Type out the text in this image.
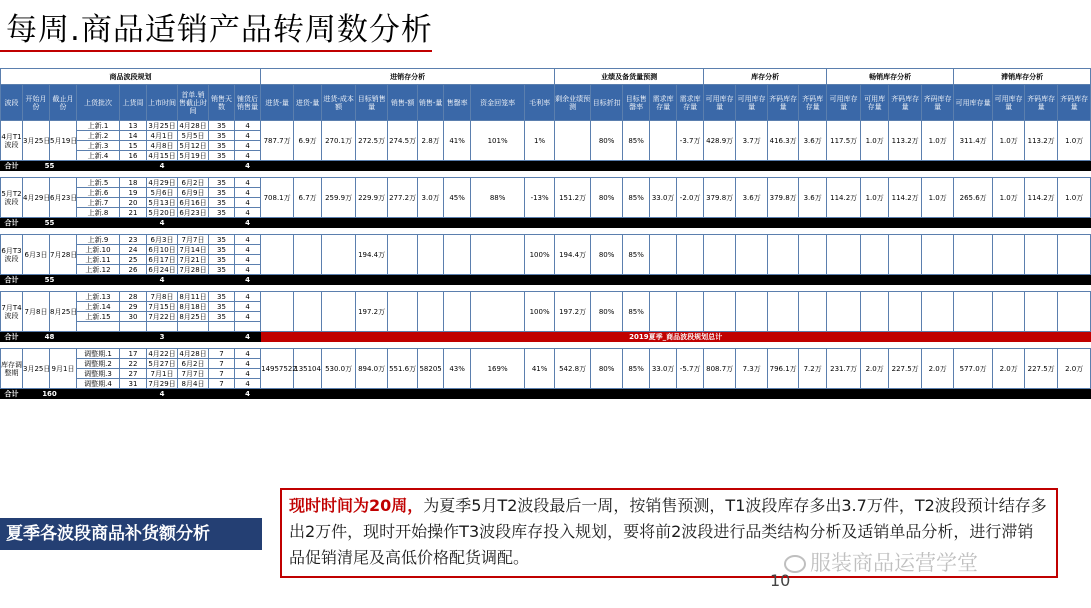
每周.商品适销产品转周数分析
商品波段规划									进销存分析									业绩及备货量预测					库存分析				畅销库存分析				滞销库存分析			
波段	开始月份	截止月份	上货批次	上货周	上市时间	首单.销售截止时间	销售天数	铺货后销售量	进货-量	进货-量	进货-成本额	目标销售量	销售-额	销售-量	售罄率	资金回笼率	毛利率	剩余业绩预测	目标折扣	目标售罄率	需求库存量	需求库存量	可用库存量	可用库存量	齐码库存量	齐码库存量	可用库存量	可用库存量	齐码库存量	齐码库存量	可用库存量	可用库存量	齐码库存量	齐码库存量
4月T1波段	3月25日	5月19日	上新.1	13	3月25日	4月28日	35	4	787.7万	6.9万	270.1万	272.5万	274.5万	2.8万	41%	101%	1%		80%	85%		-3.7万	428.9万	3.7万	416.3万	3.6万	117.5万	1.0万	113.2万	1.0万	311.4万	1.0万	113.2万	1.0万
			上新.2	14	4月1日	5月5日	35	4																										
			上新.3	15	4月8日	5月12日	35	4																										
			上新.4	16	4月15日	5月19日	35	4																										
合计	55				4			4																										

5月T2波段	4月29日	6月23日	上新.5	18	4月29日	6月2日	35	4	708.1万	6.7万	259.9万	229.9万	277.2万	3.0万	45%	88%	-13%	151.2万	80%	85%	33.0万	-2.0万	379.8万	3.6万	379.8万	3.6万	114.2万	1.0万	114.2万	1.0万	265.6万	1.0万	114.2万	1.0万
			上新.6	19	5月6日	6月9日	35	4																										
			上新.7	20	5月13日	6月16日	35	4																										
			上新.8	21	5月20日	6月23日	35	4																										
合计	55				4			4																										

6月T3波段	6月3日	7月28日	上新.9	23	6月3日	7月7日	35	4				194.4万					100%	194.4万	80%	85%														
			上新.10	24	6月10日	7月14日	35	4																										
			上新.11	25	6月17日	7月21日	35	4																										
			上新.12	26	6月24日	7月28日	35	4																										
合计	55				4			4																										

7月T4波段	7月8日	8月25日	上新.13	28	7月8日	8月11日	35	4				197.2万					100%	197.2万	80%	85%														
			上新.14	29	7月15日	8月18日	35	4																										
			上新.15	30	7月22日	8月25日	35	4																										

合计	48				3			4	2019夏季_商品波段规划总计																									

库存调整期	3月25日	9月1日	调整期.1	17	4月22日	4月28日	7	4	14957522	135104	530.0万	894.0万	551.6万	58205	43%	169%	41%	542.8万	80%	85%	33.0万	-5.7万	808.7万	7.3万	796.1万	7.2万	231.7万	2.0万	227.5万	2.0万	577.0万	2.0万	227.5万	2.0万
			调整期.2	22	5月27日	6月2日	7	4																										
			调整期.3	27	7月1日	7月7日	7	4																										
			调整期.4	31	7月29日	8月4日	7	4																										
合计	160				4			4																										
夏季各波段商品补货额分析
现时时间为20周，为夏季5月T2波段最后一周，按销售预测，T1波段库存多出3.7万件，T2波段预计结存多出2万件，现时开始操作T3波段库存投入规划，要将前2波段进行品类结构分析及适销单品分析，进行滞销品促销清尾及高低价格配货调配。
10
服装商品运营学堂
